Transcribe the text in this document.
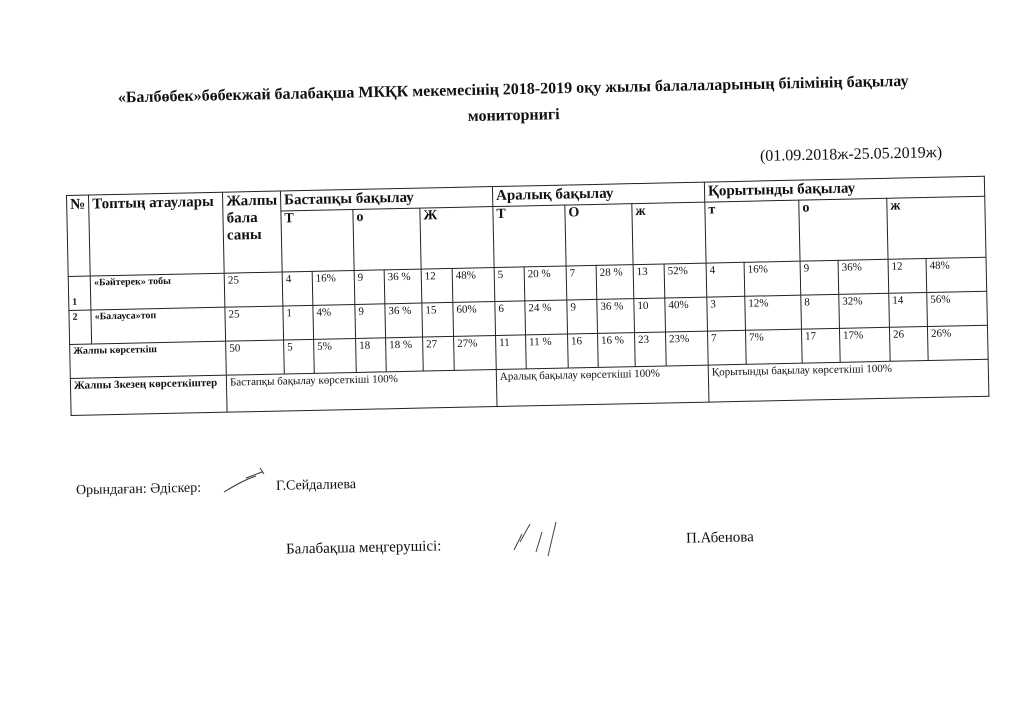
«Балбөбек»бөбекжай балабақша МКҚК мекемесінің 2018-2019 оқу жылы балалаларының білімінің бақылау
мониторнигі
(01.09.2018ж-25.05.2019ж)
№	Топтың атаулары	Жалпы бала саны	Бастапқы бақылау						Аралық бақылау						Қорытынды бақылау					
			Т		о		Ж		Т		О		ж		т		о		ж	
1	«Бәйтерек» тобы	25	4	16%	9	36 %	12	48%	5	20 %	7	28 %	13	52%	4	16%	9	36%	12	48%
2	«Балауса»топ	25	1	4%	9	36 %	15	60%	6	24 %	9	36 %	10	40%	3	12%	8	32%	14	56%
Жалпы көрсеткіш		50	5	5%	18	18 %	27	27%	11	11 %	16	16 %	23	23%	7	7%	17	17%	26	26%
Жалпы 3кезең көрсеткіштер		Бастапқы бақылау көрсеткіші 100%							Аралық бақылау көрсеткіші 100%						Қорытынды бақылау көрсеткіші 100%					
Орындаған: Әдіскер:	Г.Сейдалиева
Балабақша меңгерушісі:
П.Абенова
